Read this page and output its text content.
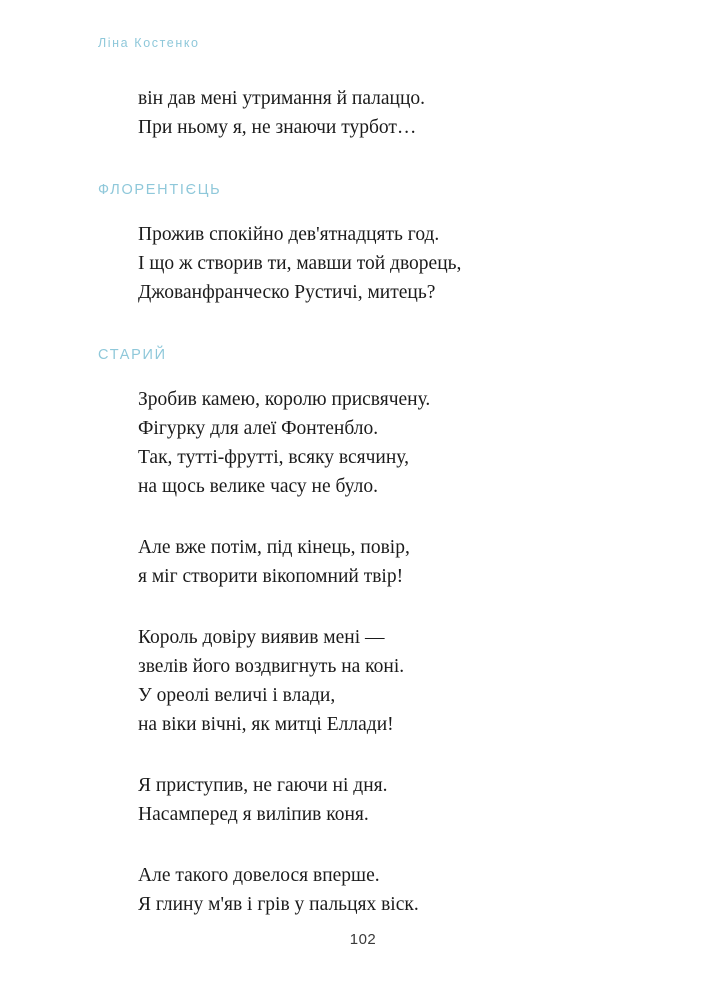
Ліна Костенко
він дав мені утримання й палаццо.
При ньому я, не знаючи турбот…
ФЛОРЕНТІЄЦЬ
Прожив спокійно дев'ятнадцять год.
І що ж створив ти, мавши той дворець,
Джованфранческо Рустичі, митець?
СТАРИЙ
Зробив камею, королю присвячену.
Фігурку для алеї Фонтенбло.
Так, тутті-фрутті, всяку всячину,
на щось велике часу не було.
Але вже потім, під кінець, повір,
я міг створити вікопомний твір!
Король довіру виявив мені —
звелів його воздвигнуть на коні.
У ореолі величі і влади,
на віки вічні, як митці Еллади!
Я приступив, не гаючи ні дня.
Насамперед я виліпив коня.
Але такого довелося вперше.
Я глину м'яв і грів у пальцях віск.
102
